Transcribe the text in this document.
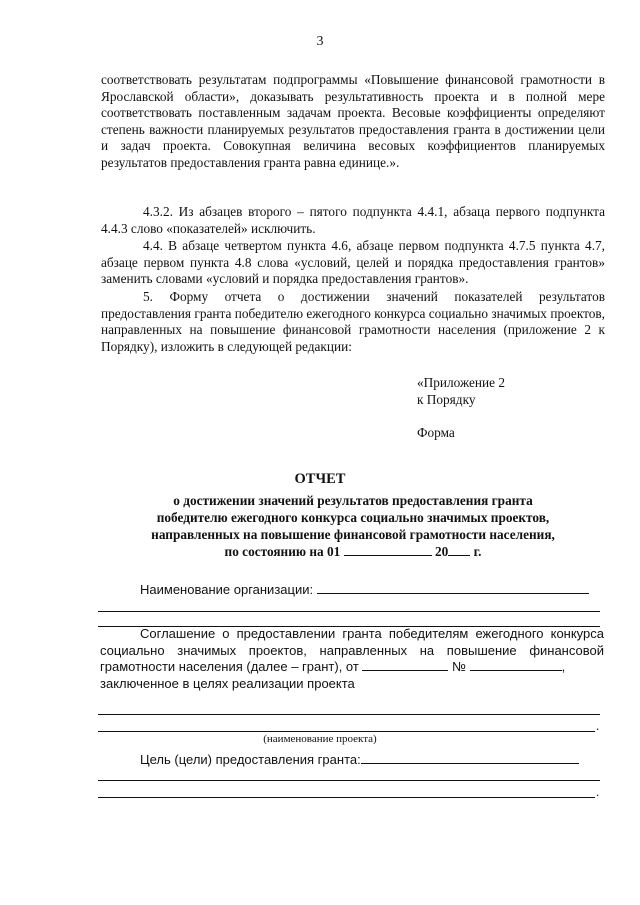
3

соответствовать результатам подпрограммы «Повышение финансовой грамотности в Ярославской области», доказывать результативность проекта и в полной мере соответствовать поставленным задачам проекта. Весовые коэффициенты определяют степень важности планируемых результатов предоставления гранта в достижении цели и задач проекта. Совокупная величина весовых коэффициентов планируемых результатов предоставления гранта равна единице.».

4.3.2. Из абзацев второго – пятого подпункта 4.4.1, абзаца первого подпункта 4.4.3 слово «показателей» исключить.

4.4. В абзаце четвертом пункта 4.6, абзаце первом подпункта 4.7.5 пункта 4.7, абзаце первом пункта 4.8 слова «условий, целей и порядка предоставления грантов» заменить словами «условий и порядка предоставления грантов».

5. Форму отчета о достижении значений показателей результатов предоставления гранта победителю ежегодного конкурса социально значимых проектов, направленных на повышение финансовой грамотности населения (приложение 2 к Порядку), изложить в следующей редакции:

«Приложение 2
к Порядку
Форма
ОТЧЕТ

о достижении значений результатов предоставления гранта
победителю ежегодного конкурса социально значимых проектов,
направленных на повышение финансовой грамотности населения,
по состоянию на 01	20 г.

Наименование организации:

Соглашение о предоставлении гранта победителям ежегодного конкурса социально значимых проектов, направленных на повышение финансовой грамотности населения (далее – грант), от	№	,
заключенное в целях реализации проекта

.
(наименование проекта)
Цель (цели) предоставления гранта:
.
